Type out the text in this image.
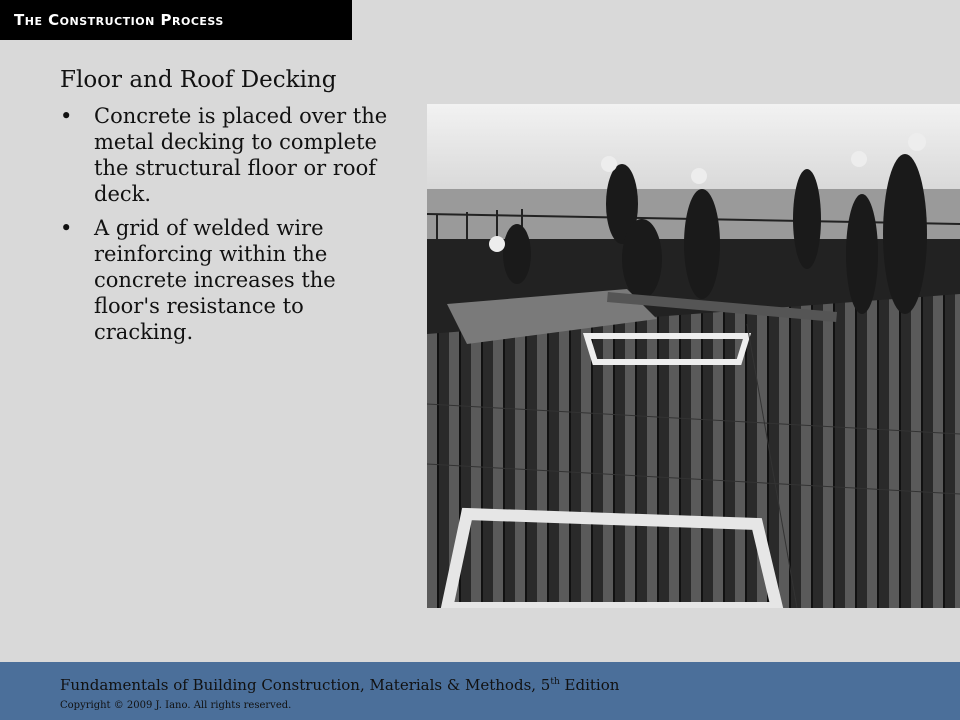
The Construction Process
Floor and Roof Decking
• Concrete is placed over the metal decking to complete the structural floor or roof deck.
• A grid of welded wire reinforcing within the concrete increases the floor's resistance to cracking.
Fundamentals of Building Construction, Materials & Methods, 5th Edition
Copyright © 2009 J. Iano. All rights reserved.
